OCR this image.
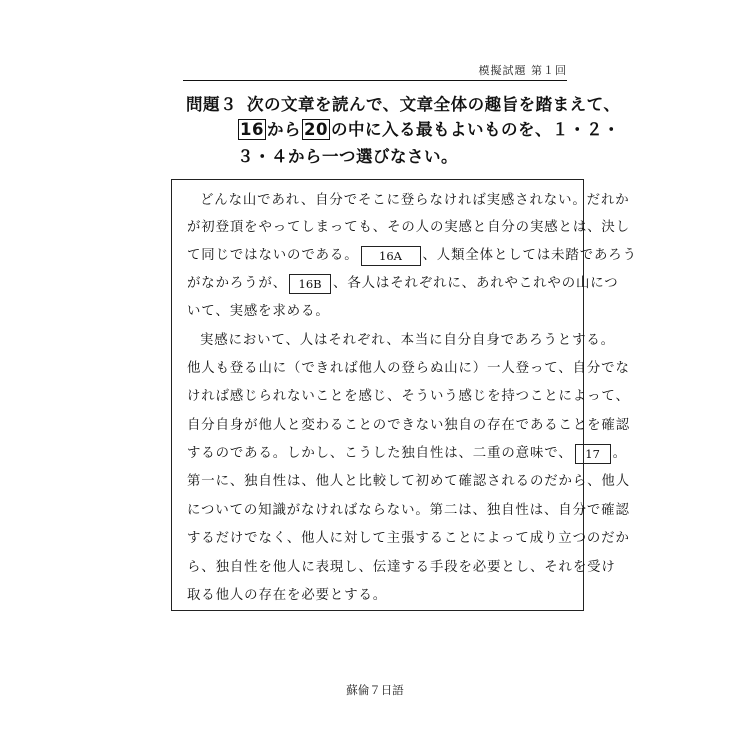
模擬試題 第１回
問題３ 次の文章を読んで、文章全体の趣旨を踏まえて、
16 から 20 の中に入る最もよいものを、１・２・
３・４から一つ選びなさい。
どんな山であれ、自分でそこに登らなければ実感されない。だれか
が初登頂をやってしまっても、その人の実感と自分の実感とは、決し
て同じではないのである。 16A 、人類全体としては未踏であろう
がなかろうが、 16B 、各人はそれぞれに、あれやこれやの山につ
いて、実感を求める。
実感において、人はそれぞれ、本当に自分自身であろうとする。
他人も登る山に（できれば他人の登らぬ山に）一人登って、自分でな
ければ感じられないことを感じ、そういう感じを持つことによって、
自分自身が他人と変わることのできない独自の存在であることを確認
するのである。しかし、こうした独自性は、二重の意味で、 17 。
第一に、独自性は、他人と比較して初めて確認されるのだから、他人
についての知識がなければならない。第二は、独自性は、自分で確認
するだけでなく、他人に対して主張することによって成り立つのだか
ら、独自性を他人に表現し、伝達する手段を必要とし、それを受け
取る他人の存在を必要とする。
蘇倫７日語
